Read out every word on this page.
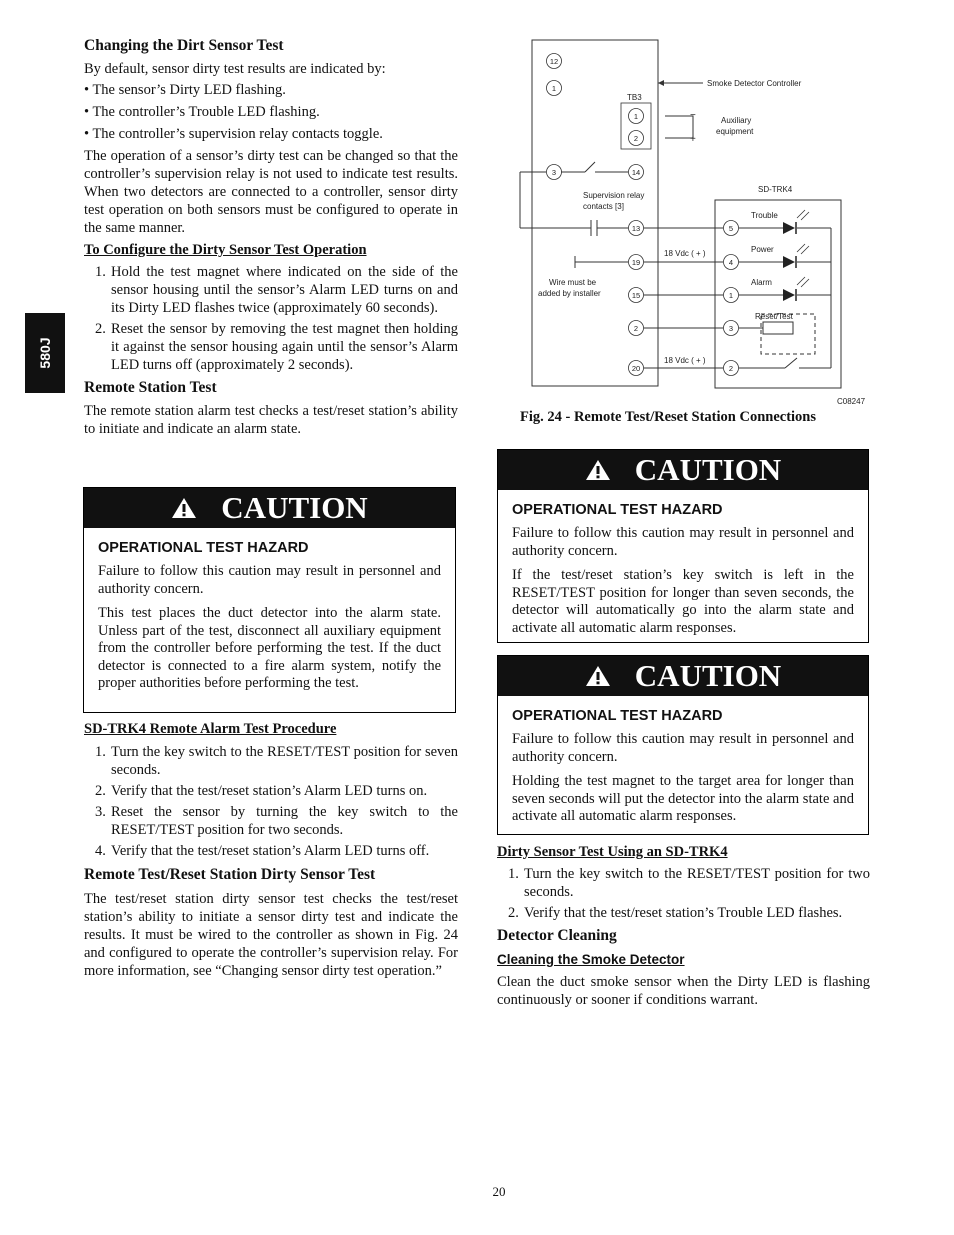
580J
Changing the Dirt Sensor Test

By default, sensor dirty test results are indicated by:

• The sensor’s Dirty LED flashing.
• The controller’s Trouble LED flashing.
• The controller’s supervision relay contacts toggle.

The operation of a sensor’s dirty test can be changed so that the controller’s supervision relay is not used to indicate test results. When two detectors are connected to a controller, sensor dirty test operation on both sensors must be configured to operate in the same manner.

To Configure the Dirty Sensor Test Operation
1. Hold the test magnet where indicated on the side of the sensor housing until the sensor’s Alarm LED turns on and its Dirty LED flashes twice (approximately 60 seconds).
2. Reset the sensor by removing the test magnet then holding it against the sensor housing again until the sensor’s Alarm LED turns off (approximately 2 seconds).
Remote Station Test

The remote station alarm test checks a test/reset station’s ability to initiate and indicate an alarm state.

CAUTION
OPERATIONAL TEST HAZARD

Failure to follow this caution may result in personnel and authority concern.

This test places the duct detector into the alarm state. Unless part of the test, disconnect all auxiliary equipment from the controller before performing the test. If the duct detector is connected to a fire alarm system, notify the proper authorities before performing the test.

SD-TRK4 Remote Alarm Test Procedure
1. Turn the key switch to the RESET/TEST position for seven seconds.
2. Verify that the test/reset station’s Alarm LED turns on.
3. Reset the sensor by turning the key switch to the RESET/TEST position for two seconds.
4. Verify that the test/reset station’s Alarm LED turns off.
Remote Test/Reset Station Dirty Sensor Test

The test/reset station dirty sensor test checks the test/reset station’s ability to initiate a sensor dirty test and indicate the results. It must be wired to the controller as shown in Fig. 24 and configured to operate the controller’s supervision relay. For more information, see “Changing sensor dirty test operation.”

TB3
SD-TRK4
12
1
1
2
3	14
13
19
15
2
20
5
4
1
3
2
Smoke Detector Controller
Auxiliary
equipment
−
+
Supervision relay
contacts [3]
Wire must be
added by installer
18 Vdc ( + )
18 Vdc ( + )
Trouble
Power
Alarm
Reset/Test
C08247
Fig. 24 - Remote Test/Reset Station Connections
CAUTION
OPERATIONAL TEST HAZARD

Failure to follow this caution may result in personnel and authority concern.

If the test/reset station’s key switch is left in the RESET/TEST position for longer than seven seconds, the detector will automatically go into the alarm state and activate all automatic alarm responses.

CAUTION
OPERATIONAL TEST HAZARD

Failure to follow this caution may result in personnel and authority concern.

Holding the test magnet to the target area for longer than seven seconds will put the detector into the alarm state and activate all automatic alarm responses.

Dirty Sensor Test Using an SD-TRK4
1. Turn the key switch to the RESET/TEST position for two seconds.
2. Verify that the test/reset station’s Trouble LED flashes.
Detector Cleaning
Cleaning the Smoke Detector

Clean the duct smoke sensor when the Dirty LED is flashing continuously or sooner if conditions warrant.

20
